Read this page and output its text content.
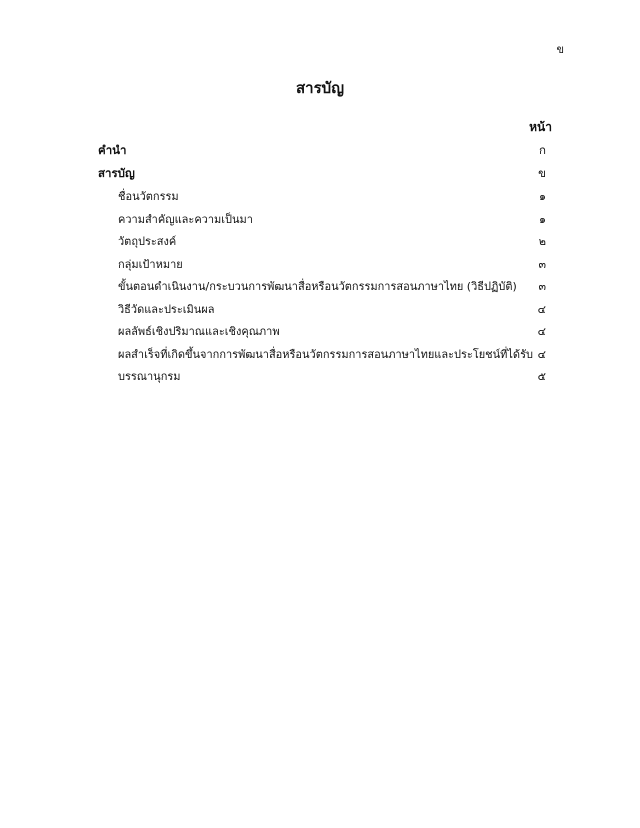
ข
สารบัญ
หน้า
คำนำ	ก
สารบัญ	ข
ชื่อนวัตกรรม	๑
ความสำคัญและความเป็นมา	๑
วัตถุประสงค์	๒
กลุ่มเป้าหมาย	๓
ขั้นตอนดำเนินงาน/กระบวนการพัฒนาสื่อหรือนวัตกรรมการสอนภาษาไทย (วิธีปฏิบัติ)	๓
วิธีวัดและประเมินผล	๔
ผลลัพธ์เชิงปริมาณและเชิงคุณภาพ	๔
ผลสำเร็จที่เกิดขึ้นจากการพัฒนาสื่อหรือนวัตกรรมการสอนภาษาไทยและประโยชน์ที่ได้รับ ๔
บรรณานุกรม	๕
